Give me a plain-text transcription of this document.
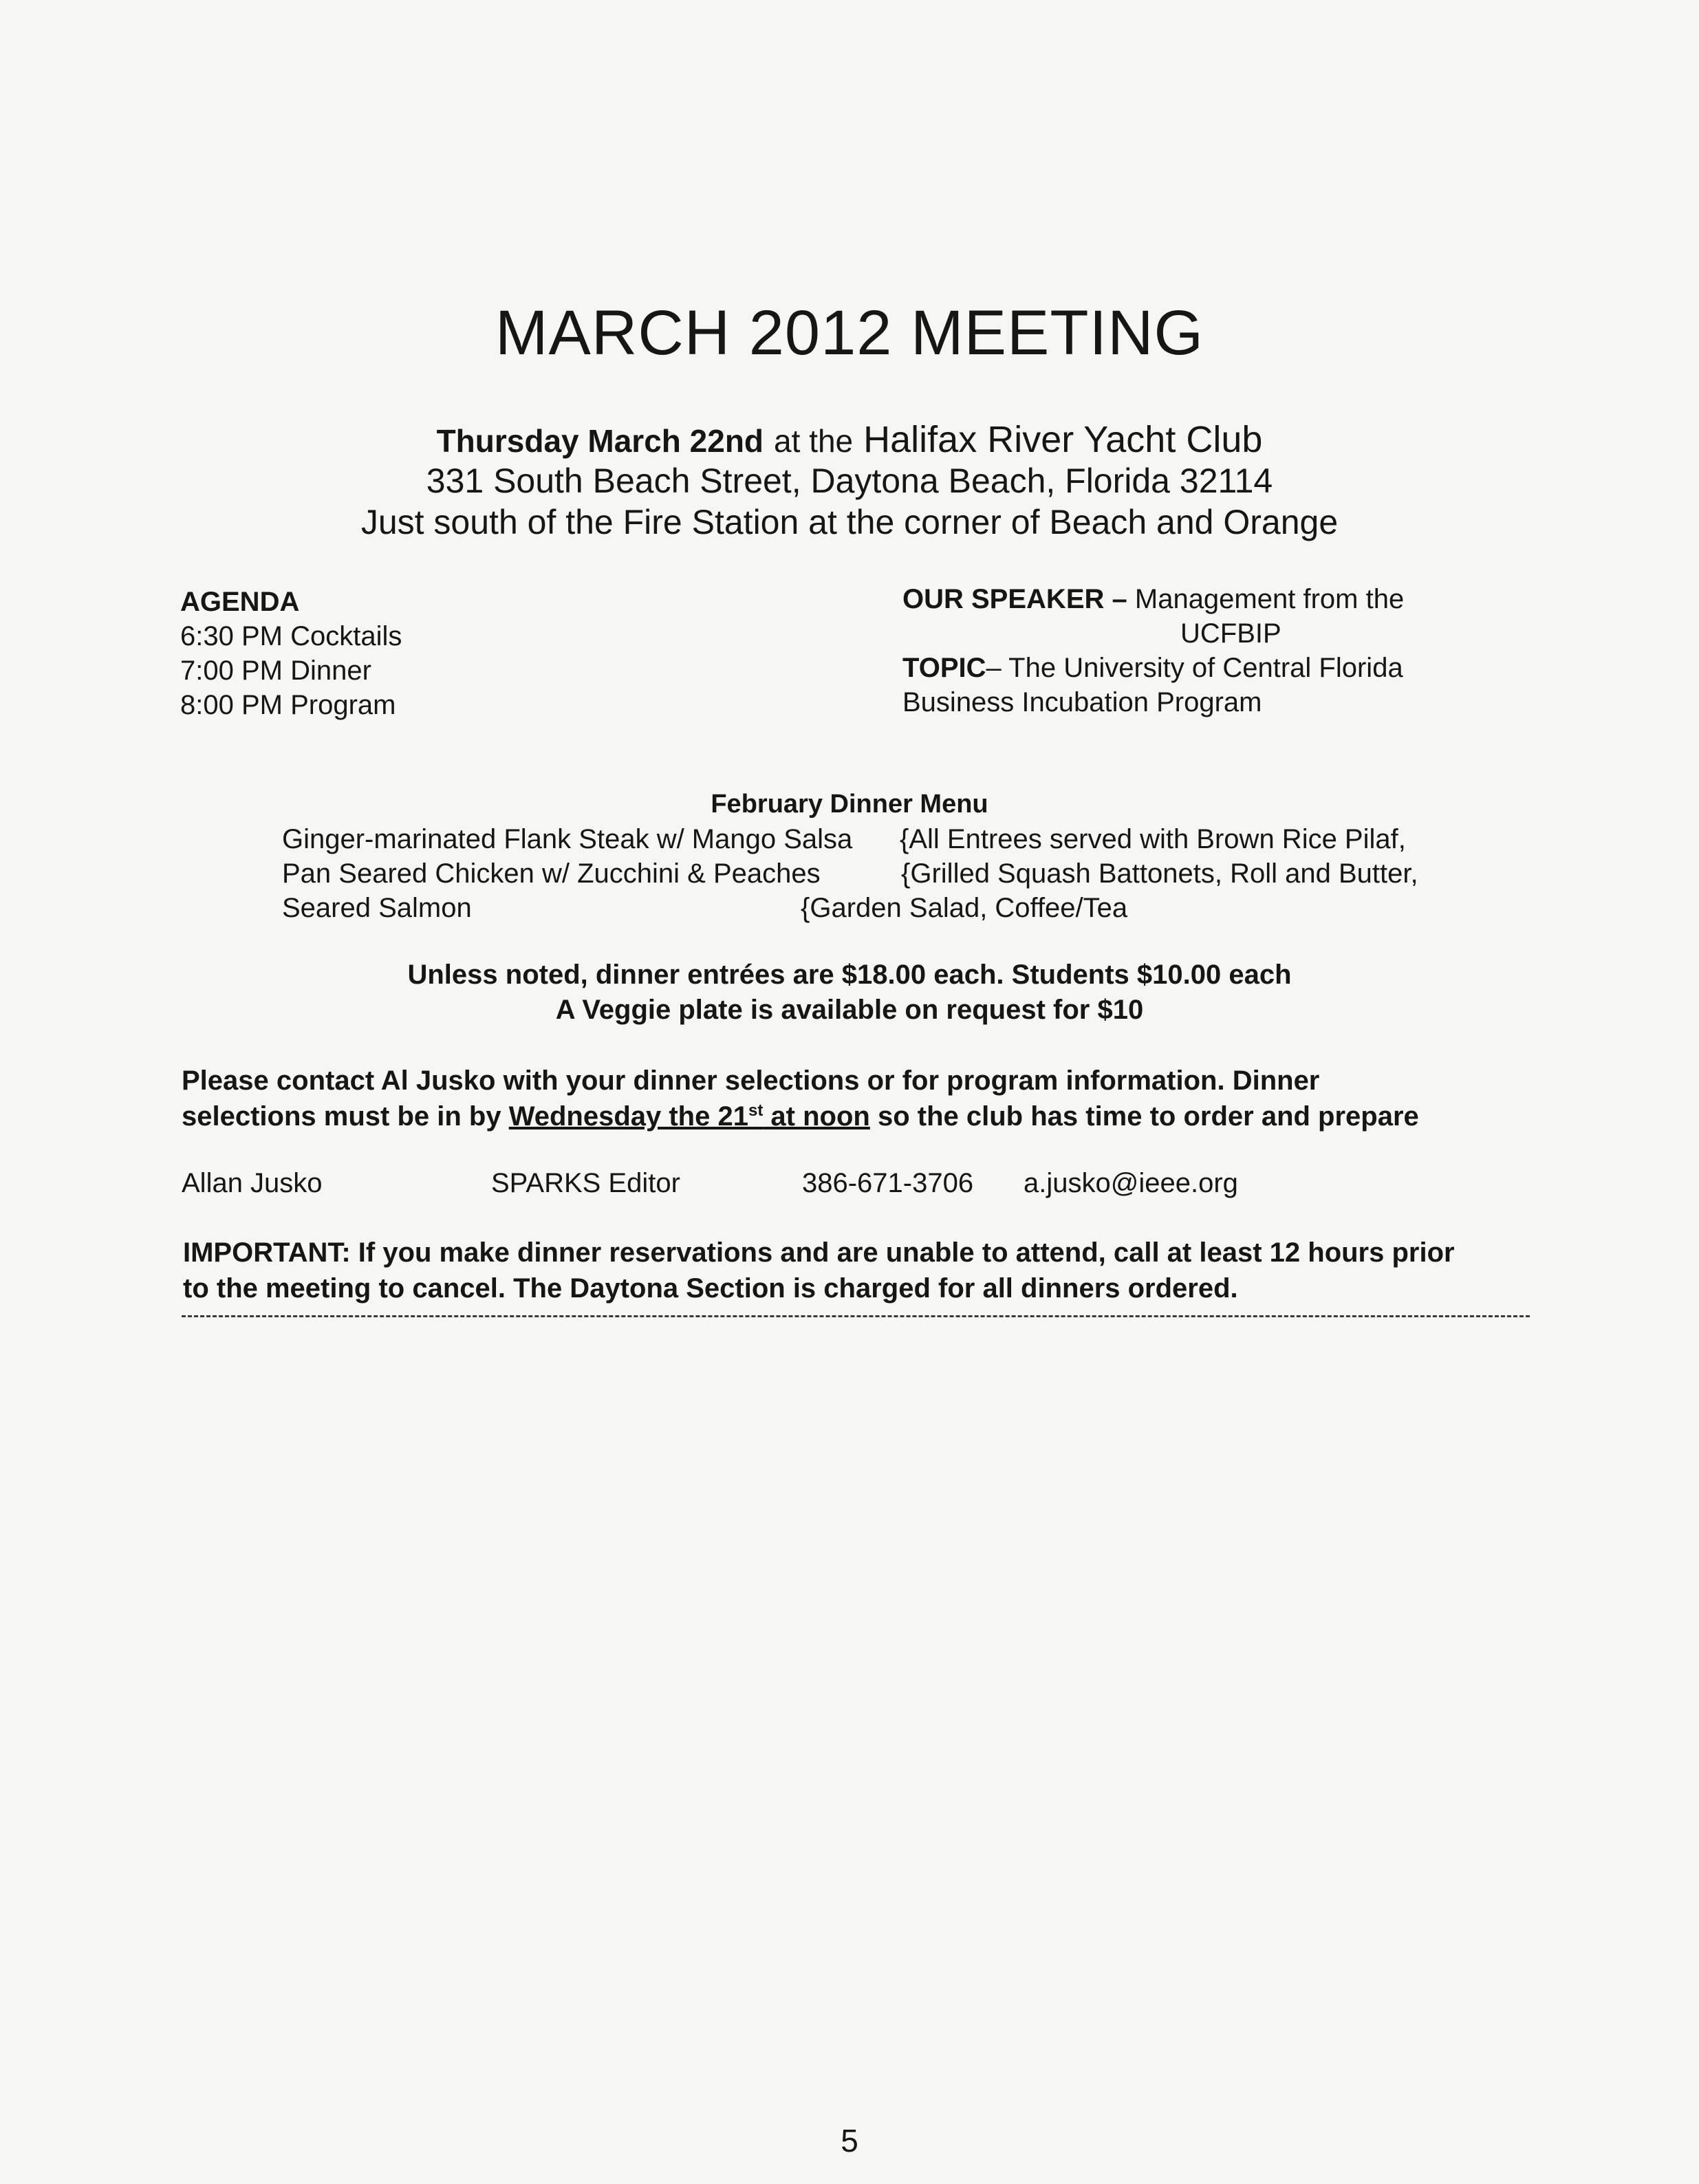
MARCH 2012 MEETING
Thursday March 22nd at the Halifax River Yacht Club
331 South Beach Street, Daytona Beach, Florida 32114
Just south of the Fire Station at the corner of Beach and Orange
AGENDA
6:30 PM Cocktails
7:00 PM Dinner
8:00 PM Program
OUR SPEAKER – Management from the
UCFBIP
TOPIC– The University of Central Florida
Business Incubation Program
February Dinner Menu
Ginger-marinated Flank Steak w/ Mango Salsa
Pan Seared Chicken w/ Zucchini & Peaches
Seared Salmon
{All Entrees served with Brown Rice Pilaf,
{Grilled Squash Battonets, Roll and Butter,
{Garden Salad, Coffee/Tea
Unless noted, dinner entrées are $18.00 each. Students $10.00 each
A Veggie plate is available on request for $10
Please contact Al Jusko with your dinner selections or for program information. Dinner
selections must be in by Wednesday the 21st at noon so the club has time to order and prepare
Allan Jusko	SPARKS Editor	386-671-3706 a.jusko@ieee.org
IMPORTANT: If you make dinner reservations and are unable to attend, call at least 12 hours prior
to the meeting to cancel. The Daytona Section is charged for all dinners ordered.
5
